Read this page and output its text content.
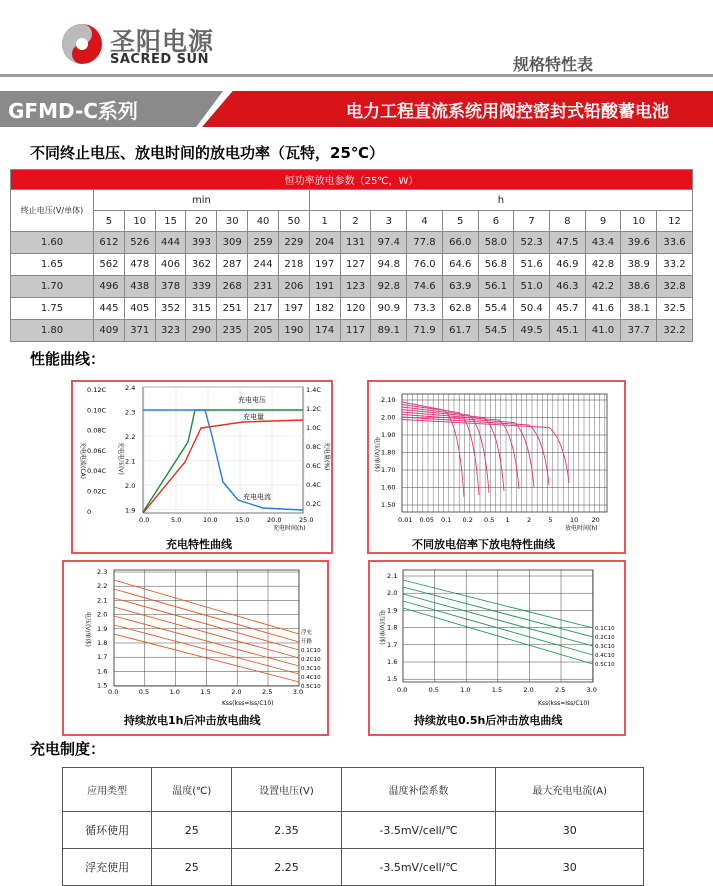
圣阳电源
SACRED SUN	规格特性表
GFMD-C系列	电力工程直流系统用阀控密封式铅酸蓄电池
不同终止电压、放电时间的放电功率（瓦特，25℃）
恒功率放电参数（25℃，W）																		
终止电压(V/单体)	min							h										
	5	10	15	20	30	40	50	1	2	3	4	5	6	7	8	9	10	12
1.60	612	526	444	393	309	259	229	204	131	97.4	77.8	66.0	58.0	52.3	47.5	43.4	39.6	33.6
1.65	562	478	406	362	287	244	218	197	127	94.8	76.0	64.6	56.8	51.6	46.9	42.8	38.9	33.2
1.70	496	438	378	339	268	231	206	191	123	92.8	74.6	63.9	56.1	51.0	46.3	42.2	38.6	32.8
1.75	445	405	352	315	251	217	197	182	120	90.9	73.3	62.8	55.4	50.4	45.7	41.6	38.1	32.5
1.80	409	371	323	290	235	205	190	174	117	89.1	71.9	61.7	54.5	49.5	45.1	41.0	37.7	32.2
性能曲线：
0.12C
0.10C
0.08C
0.06C
0.04C
0.02C
0
2.4
2.3
2.2
2.1
2.0
1.9
1.4C
1.2C
1.0C
0.8C
0.6C
0.4C
0.2C
0.0	5.0	10.0	15.0	20.0	25.0
充电电压
充电量
充电电流
充电时间(h)
充电电流(CA)	充电电压(V)	充电量(%)
充电特性曲线
2.10
2.00
1.90
1.80
1.70
1.60
1.50
0.01 0.05 0.1 0.2 0.5 1	2	5	10 20
放电时间(h)
电压(V/单体)
不同放电倍率下放电特性曲线
2.3
2.2
2.1
2.0
1.9
1.8
1.7
1.6
1.5
0.0	0.5	1.0	1.5	2.0	2.5	3.0
浮充
开路
0.1C10
0.2C10
0.3C10
0.4C10
0.5C10
Kss(kss=Iss/C10)
电压(V/单体)
持续放电1h后冲击放电曲线
2.1
2.0
1.9
1.8
1.7
1.6
1.5
0.0	0.5	1.0	1.5	2.0	2.5	3.0
0.1C10
0.2C10
0.3C10
0.4C10
0.5C10
Kss(kss=Iss/C10)
电压(V/单体)
持续放电0.5h后冲击放电曲线
充电制度：
应用类型	温度(℃)	设置电压(V)	温度补偿系数	最大充电电流(A)
循环使用	25	2.35	-3.5mV/cell/℃	30
浮充使用	25	2.25	-3.5mV/cell/℃	30
